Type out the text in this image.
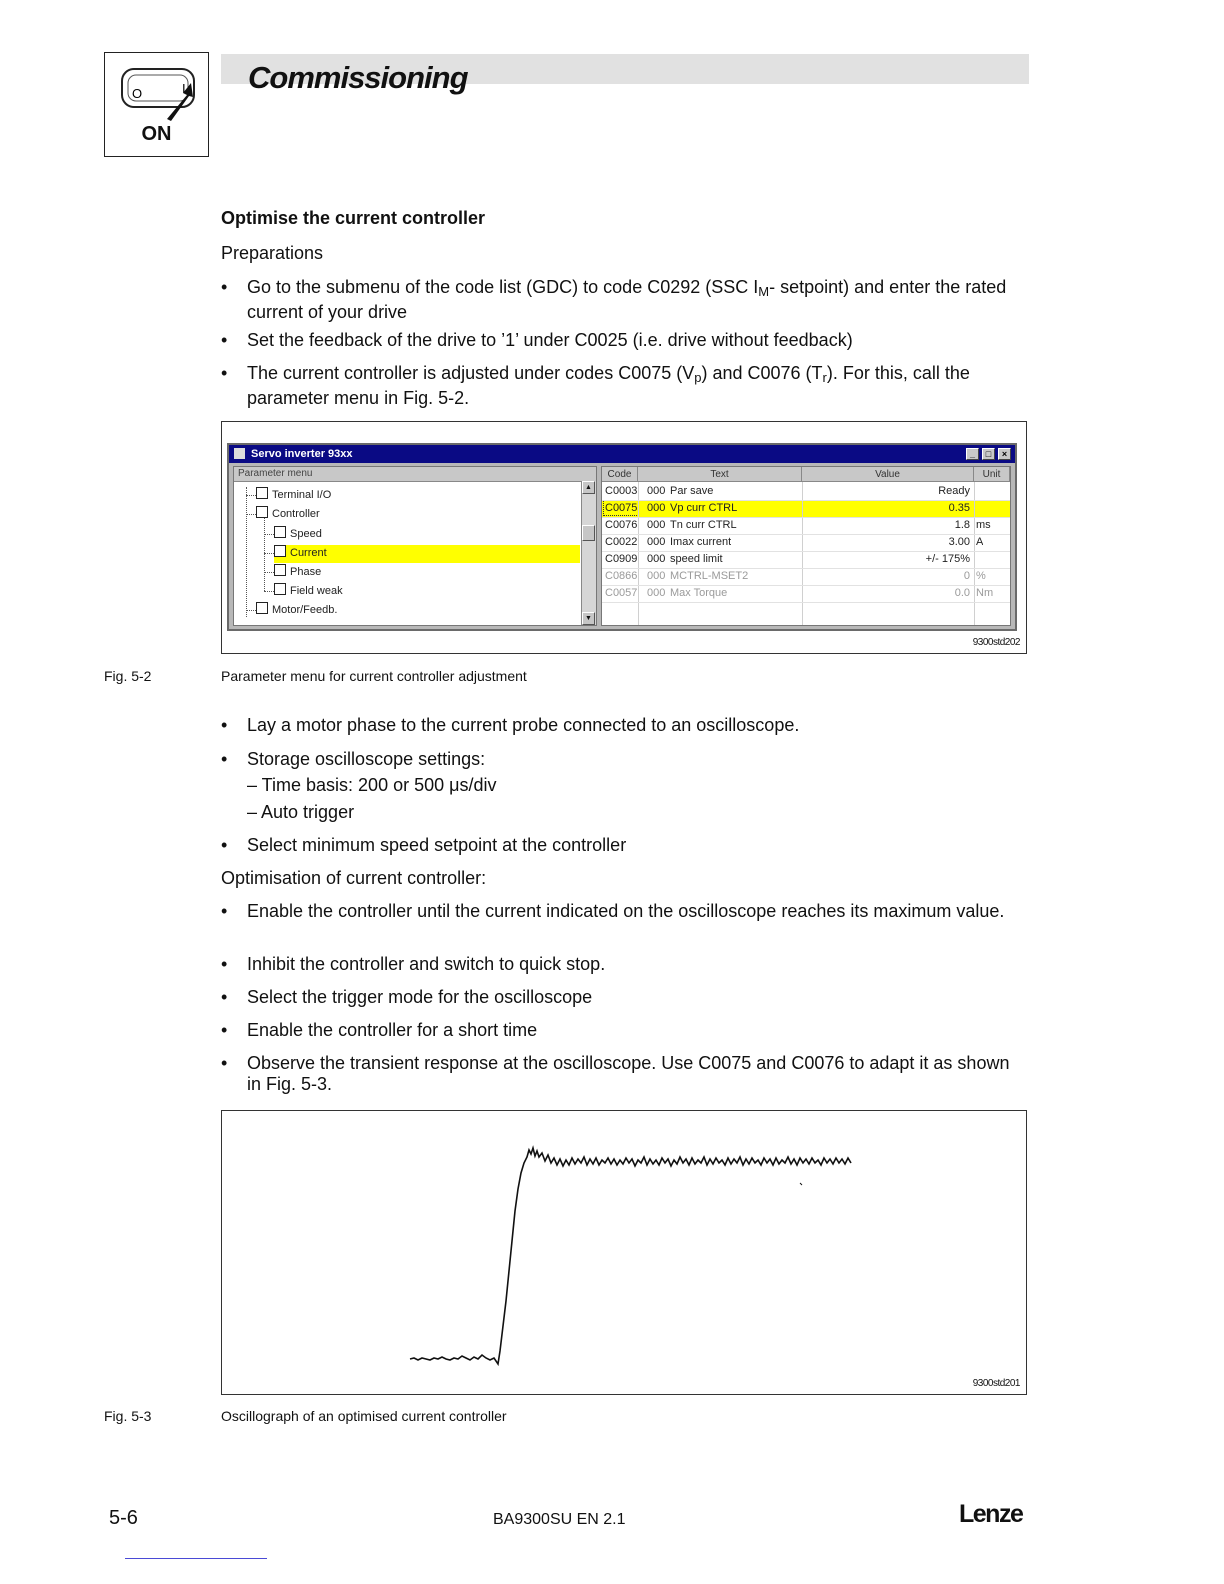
O	I
ON
Commissioning
Optimise the current controller
Preparations
• Go to the submenu of the code list (GDC) to code C0292 (SSC $I_M-$ setpoint) and enter the rated current of your drive
• Set the feedback of the drive to ’1’ under C0025 (i.e. drive without feedback)
• The current controller is adjusted under codes C0075 $(V_p)$ and C0076 $(T_r)$. For this, call the parameter menu in Fig. 5-2.
Servo inverter 93xx	_	□	×
Parameter menu
Terminal I/O
Controller
Speed
Current
Phase
Field weak
Motor/Feedb.
▲
▼
Code	Text	Value	Unit
C0003 000 Par save	Ready
C0075 000 Vp curr CTRL	0.35
C0076 000 Tn curr CTRL	1.8 ms
C0022 000 Imax current	3.00 A
C0909 000 speed limit	+/- 175%
C0866 000 MCTRL-MSET2	0 %
C0057 000 Max Torque	0.0 Nm
9300std202
Fig. 5-2	Parameter menu for current controller adjustment
• Lay a motor phase to the current probe connected to an oscilloscope.
• Storage oscilloscope settings:
– Time basis: 200 or 500 μs/div
– Auto trigger
• Select minimum speed setpoint at the controller
Optimisation of current controller:
• Enable the controller until the current indicated on the oscilloscope reaches its maximum value.
• Inhibit the controller and switch to quick stop.
• Select the trigger mode for the oscilloscope
• Enable the controller for a short time
• Observe the transient response at the oscilloscope. Use C0075 and C0076 to adapt it as shown in Fig. 5-3.
9300std201
Fig. 5-3	Oscillograph of an optimised current controller
5-6	BA9300SU EN 2.1	Lenze
